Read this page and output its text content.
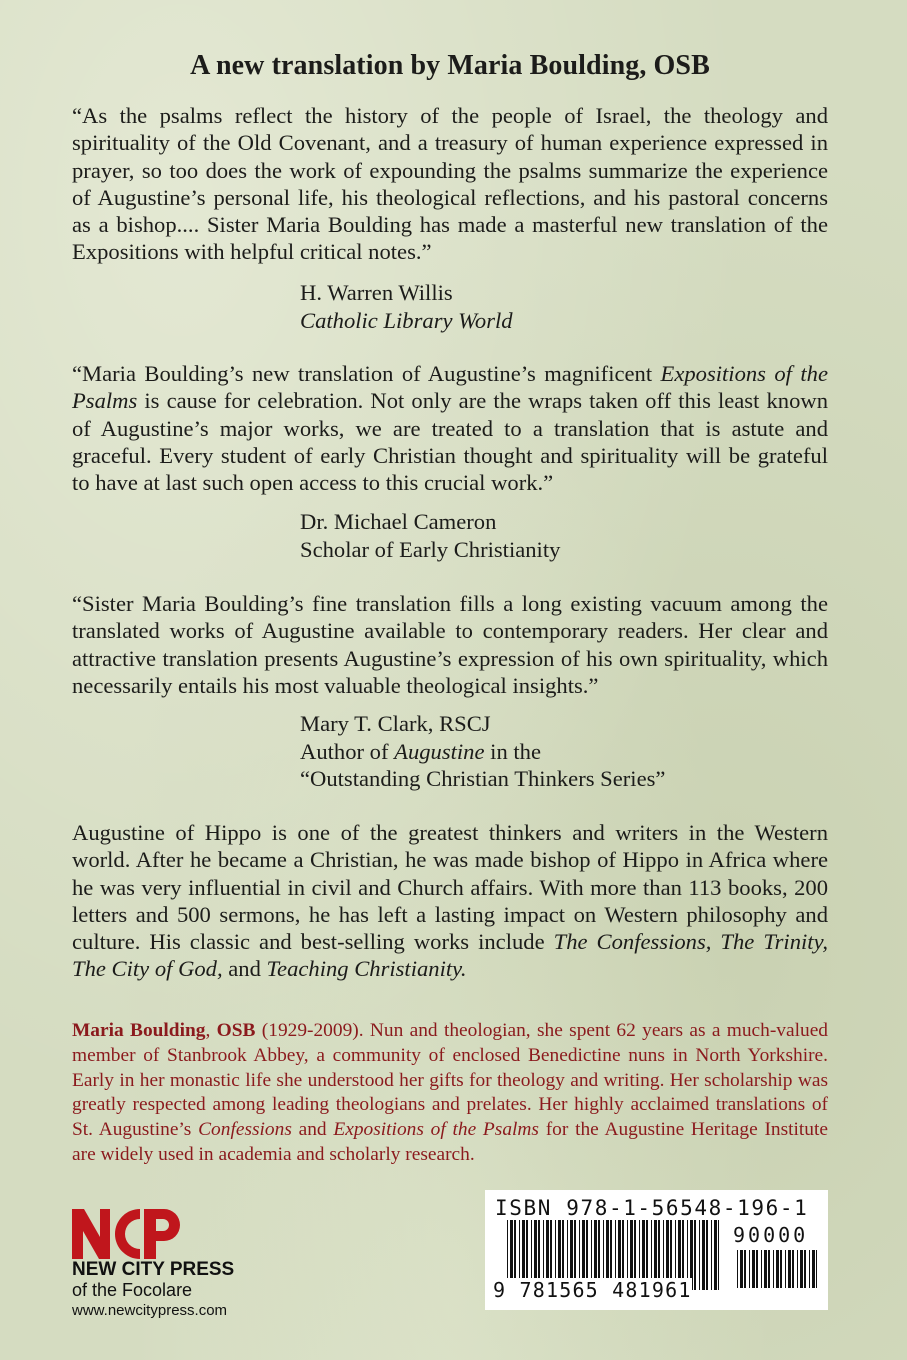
A new translation by Maria Boulding, OSB

“As the psalms reflect the history of the people of Israel, the theology and spirituality of the Old Covenant, and a treasury of human experience expressed in prayer, so too does the work of expounding the psalms summarize the experience of Augustine’s personal life, his theological reflections, and his pastoral concerns as a bishop.... Sister Maria Boulding has made a masterful new translation of the Expositions with helpful critical notes.”

H. Warren Willis
Catholic Library World

“Maria Boulding’s new translation of Augustine’s magnificent Expositions of the Psalms is cause for celebration. Not only are the wraps taken off this least known of Augustine’s major works, we are treated to a translation that is astute and graceful. Every student of early Christian thought and spirituality will be grateful to have at last such open access to this crucial work.”

Dr. Michael Cameron
Scholar of Early Christianity

“Sister Maria Boulding’s fine translation fills a long existing vacuum among the translated works of Augustine available to contemporary readers. Her clear and attractive translation presents Augustine’s expression of his own spirituality, which necessarily entails his most valuable theological insights.”

Mary T. Clark, RSCJ
Author of Augustine in the
“Outstanding Christian Thinkers Series”

Augustine of Hippo is one of the greatest thinkers and writers in the Western world. After he became a Christian, he was made bishop of Hippo in Africa where he was very influential in civil and Church affairs. With more than 113 books, 200 letters and 500 sermons, he has left a lasting impact on Western philosophy and culture. His classic and best-selling works include The Confessions, The Trinity, The City of God, and Teaching Christianity.

Maria Boulding, OSB (1929-2009). Nun and theologian, she spent 62 years as a much-valued member of Stanbrook Abbey, a community of enclosed Benedictine nuns in North Yorkshire. Early in her monastic life she understood her gifts for theology and writing. Her scholarship was greatly respected among leading theologians and prelates. Her highly acclaimed translations of St. Augustine’s Confessions and Expositions of the Psalms for the Augustine Heritage Institute are widely used in academia and scholarly research.

NEW CITY PRESS

of the Focolare

www.newcitypress.com

ISBN 978-1-56548-196-1
90000
9 781565 481961
